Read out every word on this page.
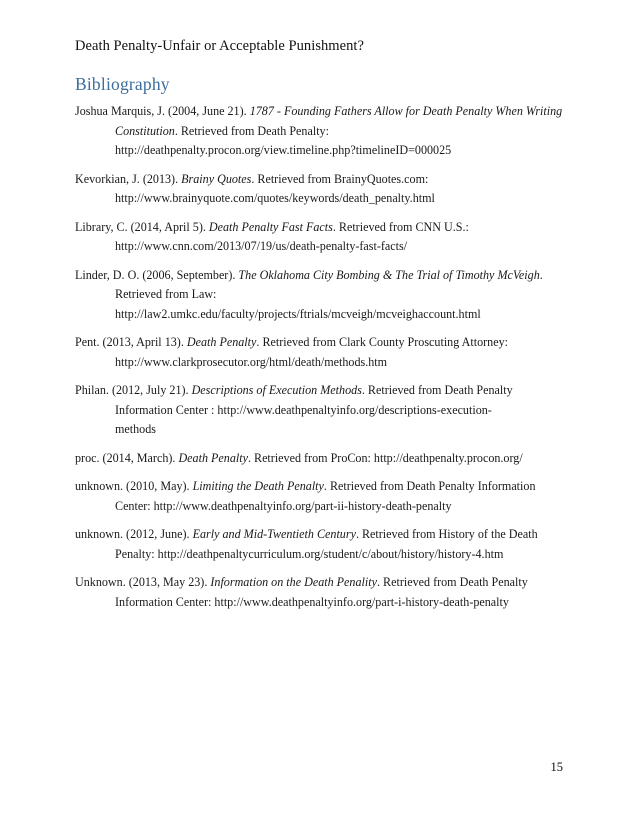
Death Penalty-Unfair or Acceptable Punishment?
Bibliography
Joshua Marquis, J. (2004, June 21). 1787 - Founding Fathers Allow for Death Penalty When Writing
Constitution. Retrieved from Death Penalty:
http://deathpenalty.procon.org/view.timeline.php?timelineID=000025
Kevorkian, J. (2013). Brainy Quotes. Retrieved from BrainyQuotes.com:
http://www.brainyquote.com/quotes/keywords/death_penalty.html
Library, C. (2014, April 5). Death Penalty Fast Facts. Retrieved from CNN U.S.:
http://www.cnn.com/2013/07/19/us/death-penalty-fast-facts/
Linder, D. O. (2006, September). The Oklahoma City Bombing & The Trial of Timothy McVeigh.
Retrieved from Law:
http://law2.umkc.edu/faculty/projects/ftrials/mcveigh/mcveighaccount.html
Pent. (2013, April 13). Death Penalty. Retrieved from Clark County Proscuting Attorney:
http://www.clarkprosecutor.org/html/death/methods.htm
Philan. (2012, July 21). Descriptions of Execution Methods. Retrieved from Death Penalty
Information Center : http://www.deathpenaltyinfo.org/descriptions-execution-
methods
proc. (2014, March). Death Penalty. Retrieved from ProCon: http://deathpenalty.procon.org/
unknown. (2010, May). Limiting the Death Penalty. Retrieved from Death Penalty Information
Center: http://www.deathpenaltyinfo.org/part-ii-history-death-penalty
unknown. (2012, June). Early and Mid-Twentieth Century. Retrieved from History of the Death
Penalty: http://deathpenaltycurriculum.org/student/c/about/history/history-4.htm
Unknown. (2013, May 23). Information on the Death Penality. Retrieved from Death Penalty
Information Center: http://www.deathpenaltyinfo.org/part-i-history-death-penalty
15
